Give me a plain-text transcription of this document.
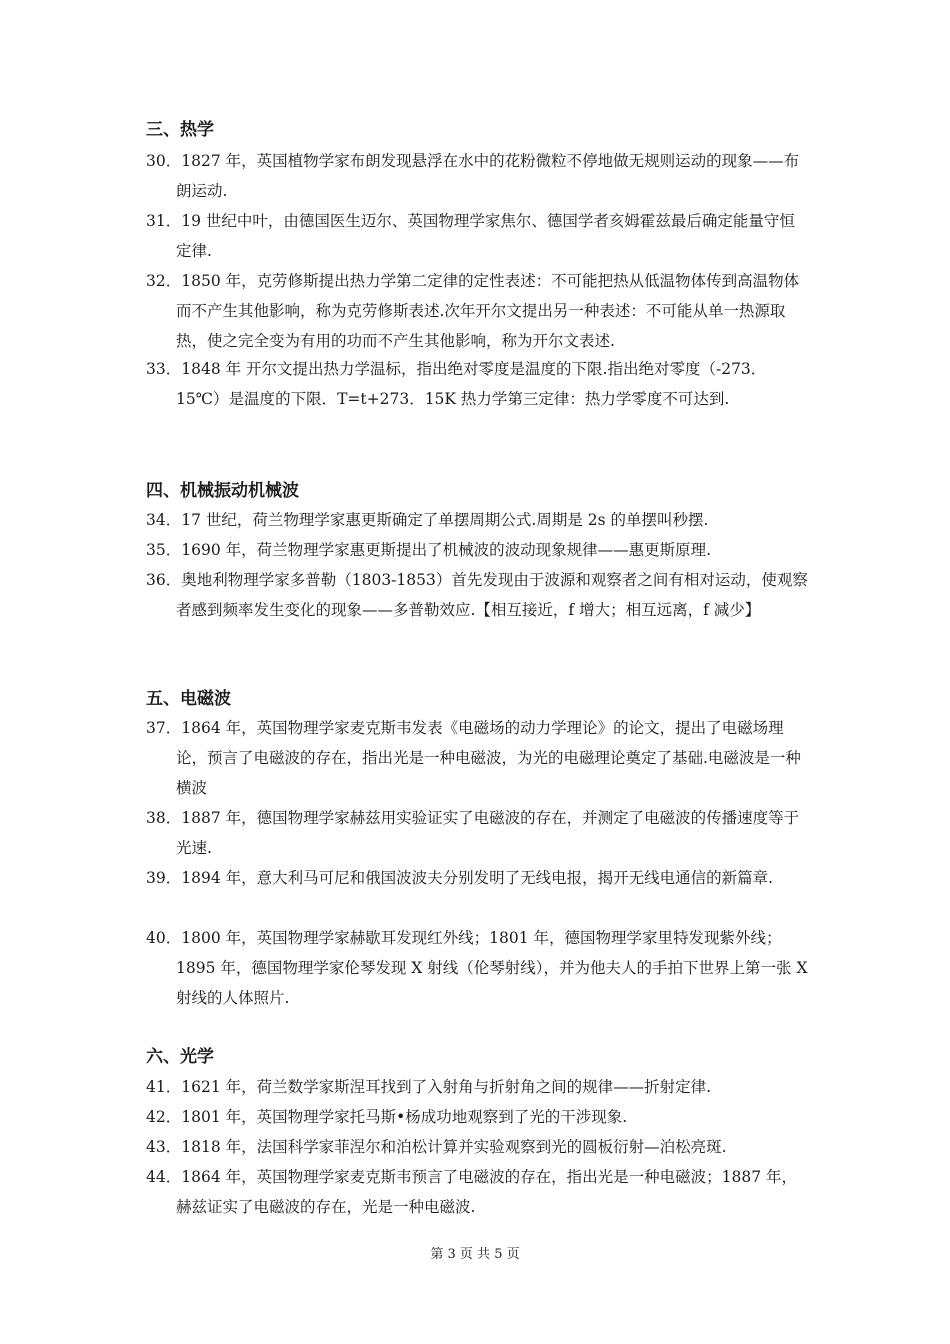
三、热学
30．1827 年，英国植物学家布朗发现悬浮在水中的花粉微粒不停地做无规则运动的现象——布朗运动.
31．19 世纪中叶，由德国医生迈尔、英国物理学家焦尔、德国学者亥姆霍兹最后确定能量守恒定律.
32．1850 年，克劳修斯提出热力学第二定律的定性表述：不可能把热从低温物体传到高温物体而不产生其他影响，称为克劳修斯表述.次年开尔文提出另一种表述：不可能从单一热源取热，使之完全变为有用的功而不产生其他影响，称为开尔文表述.
33．1848 年 开尔文提出热力学温标，指出绝对零度是温度的下限.指出绝对零度（-273．15℃）是温度的下限．T=t+273．15K 热力学第三定律：热力学零度不可达到.
四、机械振动机械波
34．17 世纪，荷兰物理学家惠更斯确定了单摆周期公式.周期是 2s 的单摆叫秒摆.
35．1690 年，荷兰物理学家惠更斯提出了机械波的波动现象规律——惠更斯原理.
36．奥地利物理学家多普勒（1803-1853）首先发现由于波源和观察者之间有相对运动，使观察者感到频率发生变化的现象——多普勒效应.【相互接近，f 增大；相互远离，f 减少】
五、电磁波
37．1864 年，英国物理学家麦克斯韦发表《电磁场的动力学理论》的论文，提出了电磁场理论，预言了电磁波的存在，指出光是一种电磁波，为光的电磁理论奠定了基础.电磁波是一种横波
38．1887 年，德国物理学家赫兹用实验证实了电磁波的存在，并测定了电磁波的传播速度等于光速.
39．1894 年，意大利马可尼和俄国波波夫分别发明了无线电报，揭开无线电通信的新篇章.
40．1800 年，英国物理学家赫歇耳发现红外线；1801 年，德国物理学家里特发现紫外线；1895 年，德国物理学家伦琴发现 X 射线（伦琴射线），并为他夫人的手拍下世界上第一张 X 射线的人体照片.
六、光学
41．1621 年，荷兰数学家斯涅耳找到了入射角与折射角之间的规律——折射定律.
42．1801 年，英国物理学家托马斯•杨成功地观察到了光的干涉现象.
43．1818 年，法国科学家菲涅尔和泊松计算并实验观察到光的圆板衍射—泊松亮斑.
44．1864 年，英国物理学家麦克斯韦预言了电磁波的存在，指出光是一种电磁波；1887 年，赫兹证实了电磁波的存在，光是一种电磁波.
第 3 页 共 5 页
